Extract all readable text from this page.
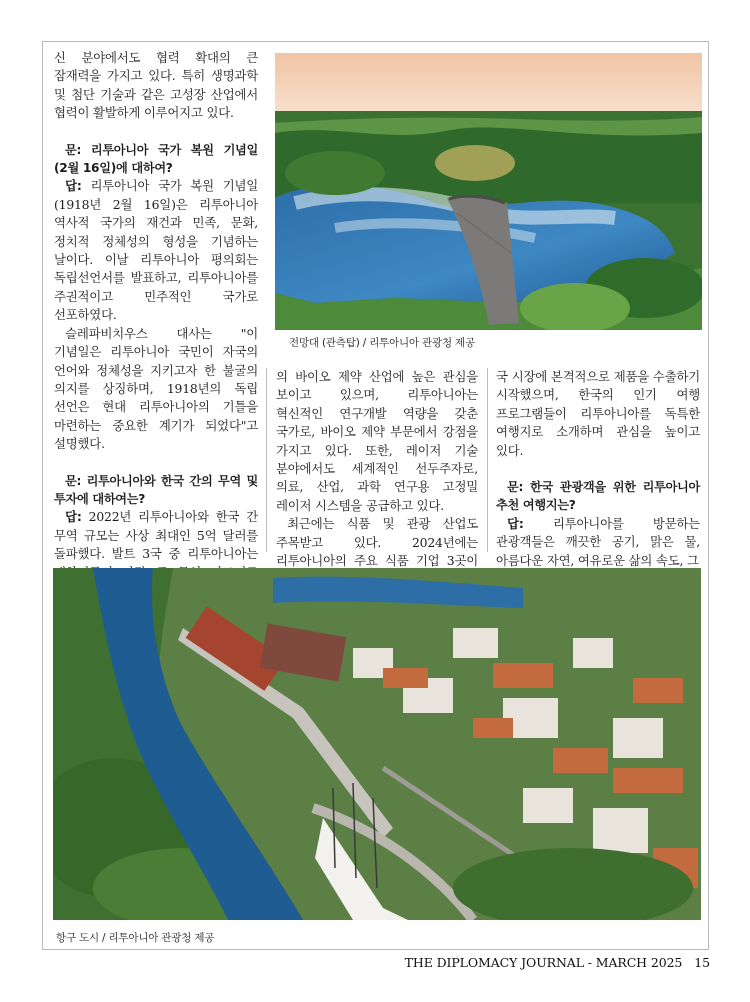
신 분야에서도 협력 확대의 큰 잠재력을 가지고 있다. 특히 생명과학 및 첨단 기술과 같은 고성장 산업에서 협력이 활발하게 이루어지고 있다.

문: 리투아니아 국가 복원 기념일(2월 16일)에 대하여?

답: 리투아니아 국가 복원 기념일(1918년 2월 16일)은 리투아니아 역사적 국가의 재건과 민족, 문화, 정치적 정체성의 형성을 기념하는 날이다. 이날 리투아니아 평의회는 독립선언서를 발표하고, 리투아니아를 주권적이고 민주적인 국가로 선포하였다.

슬레파비치우스 대사는 "이 기념일은 리투아니아 국민이 자국의 언어와 정체성을 지키고자 한 불굴의 의지를 상징하며, 1918년의 독립 선언은 현대 리투아니아의 기틀을 마련하는 중요한 계기가 되었다"고 설명했다.

문: 리투아니아와 한국 간의 무역 및 투자에 대하여는?

답: 2022년 리투아니아와 한국 간 무역 규모는 사상 최대인 5억 달러를 돌파했다. 발트 3국 중 리투아니아는

전망대 (관측탑) / 리투아니아 관광청 제공

의 바이오 제약 산업에 높은 관심을 보이고 있으며, 리투아니아는 혁신적인 연구개발 역량을 갖춘 국가로, 바이오 제약 부문에서 강점을 가지고 있다. 또한, 레이저 기술 분야에서도 세계적인 선두주자로, 의료, 산업, 과학 연구용 고정밀 레이저 시스템을 공급하고 있다.

최근에는 식품 및 관광 산업도 주목받고 있다. 2024년에는 리투아니아의 주요 식품 기업 3곳이

국 시장에 본격적으로 제품을 수출하기 시작했으며, 한국의 인기 여행 프로그램들이 리투아니아를 독특한 여행지로 소개하며 관심을 높이고 있다.

문: 한국 관광객을 위한 리투아니아 추천 여행지는?

답: 리투아니아를 방문하는 관광객들은 깨끗한 공기, 맑은 물, 아름다운 자연, 여유로운 삶의 속도, 그

항구 도시 / 리투아니아 관광청 제공
THE DIPLOMACY JOURNAL - MARCH 2025 15
